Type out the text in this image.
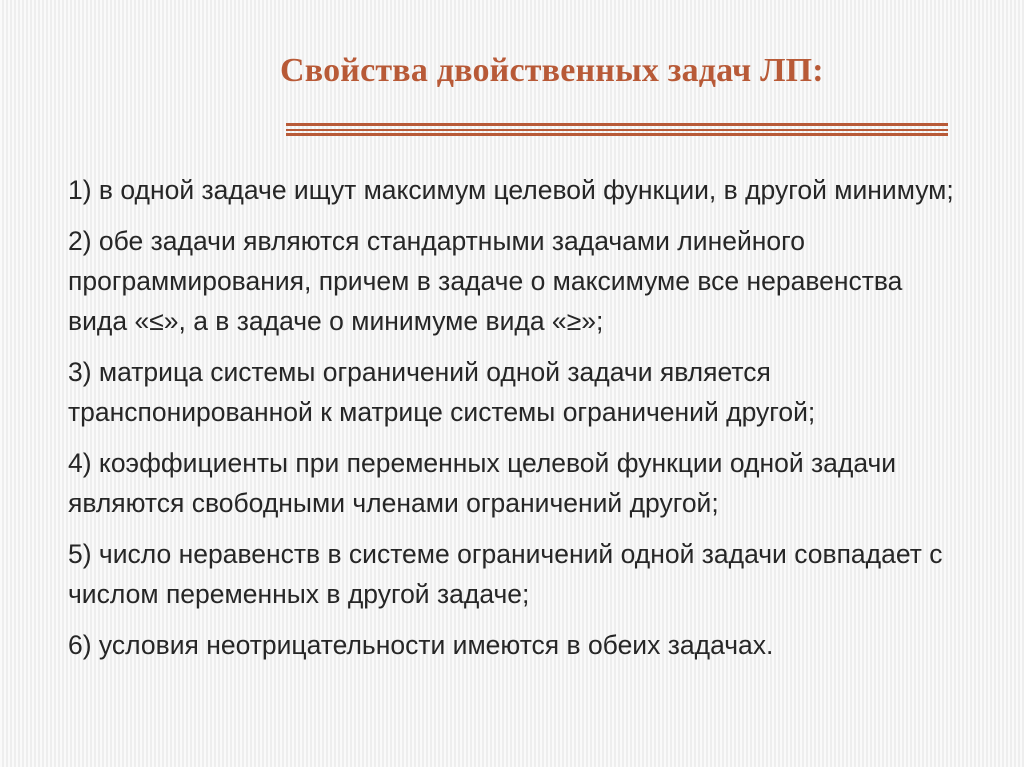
Свойства двойственных задач ЛП:

1) в одной задаче ищут максимум целевой функции, в другой минимум;

2) обе задачи являются стандартными задачами линейного программирования, причем в задаче о максимуме все неравенства вида «≤», а в задаче о минимуме вида «≥»;

3) матрица системы ограничений одной задачи является транспонированной к матрице системы ограничений другой;

4) коэффициенты при переменных целевой функции одной задачи являются свободными членами ограничений другой;

5) число неравенств в системе ограничений одной задачи совпадает с числом переменных в другой задаче;

6) условия неотрицательности имеются в обеих задачах.
